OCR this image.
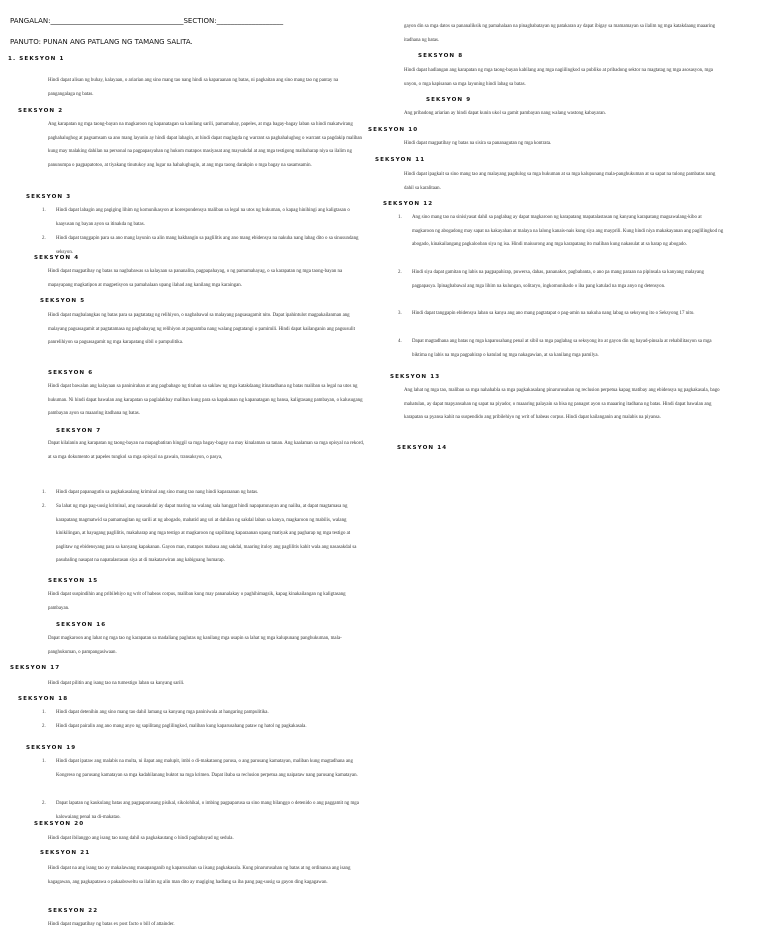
PANGALAN:______________________________________SECTION:___________________
PANUTO: PUNAN ANG PATLANG NG TAMANG SALITA.
1. SEKSYON 1
Hindi dapat alisan ng buhay, kalayaan, o ariarian ang sino mang tao nang hindi sa kaparaanan ng batas, ni pagkaitan ang sino mang tao ng pantay na pangangalaga ng batas.
SEKSYON 2
Ang karapatan ng mga taong-bayan na magkaroon ng kapanatagan sa kanilang sarili, pamamahay, papeles, at mga bagay-bagay laban sa hindi makatwirang paghahalughog at pagsamsam sa ano mang layunin ay hindi dapat labagin, at hindi dapat maglagda ng warrant sa paghahalughog o warrant sa pagdakip maliban kung may malaking dahilan na personal na pagpapasyahan ng hukom matapos masiyasat ang maysakdal at ang mga testigong maihaharap niya sa ilalim ng panunumpa o pagpapatotoo, at tiyakang tinutukoy ang lugar na hahalughugin, at ang mga taong darakpin o mga bagay na sasamsamin.
SEKSYON 3
1. Hindi dapat labagin ang pagiging lihim ng komunikasyon at korespondensya maliban sa legal na utos ng hukuman, o kapag hinihingi ang kaligtasan o kaayusan ng bayan ayon sa itinakda ng batas.
2. Hindi dapat tanggapin para sa ano mang layunin sa alin mang hakbangin sa paglilitis ang ano mang ebidensya na nakuha nang labag dito o sa sinusundang seksyon.
SEKSYON 4
Hindi dapat magpatibay ng batas na nagbabawas sa kalayaan sa pananalita, pagpapahayag, o ng pamamahayag, o sa karapatan ng mga taong-bayan na mapayapang magkatipon at magpetisyon sa pamahalaan upang ilahad ang kanilang mga karaingan.
SEKSYON 5
Hindi dapat magbalangkas ng batas para sa pagtatatag ng relihiyon, o nagbabawal sa malayang pagsasagamit nito. Dapat ipahintulot magpakailanman ang malayang pagsasagamit at pagtatamasa ng pagbabayag ng relihiyon at pagsamba nang walang pagtatangi o pamimili. Hindi dapat kailanganin ang pagsusulit panrelihiyon sa pagsasagamit ng mga karapatang sibil o pampulitika.
SEKSYON 6
Hindi dapat bawalan ang kalayaan sa paninirahan at ang pagbabago ng tirahan sa saklaw ng mga katakdaang itinatadhana ng batas maliban sa legal na utos ng hukuman. Ni hindi dapat bawalan ang karapatan sa paglalakbay maliban kung para sa kapakanan ng kapanatagan ng bansa, kaligtasang pambayan, o kalusugang pambayan ayon sa maaaring itadhana ng batas.
SEKSYON 7
Dapat kilalanin ang karapatan ng taong-bayan na mapagbatiran hinggil sa mga bagay-bagay na may kinalaman sa tanan. Ang kaalaman sa mga opisyal na rekord, at sa mga dokumento at papeles tungkol sa mga opisyal na gawain, transaksyon, o pasya,
1. Hindi dapat papanagutin sa pagkakasalang kriminal ang sino mang tao nang hindi kaparaanan ng batas.
2. Sa lahat ng mga pag-uusig kriminal, ang nasasakdal ay dapat maring na walang sala hanggat hindi napapatunayan ang naiiba, at dapat magtamasa ng karapatang magmatwid sa pamamagitan ng sarili at ng abogado, mabatid ang uri at dahilan ng sakdal laban sa kanya, magkaroon ng mabilis, walang kinikilingan, at hayagang paglilitis, makaharap ang mga testigo at magkaroon ng sapilitang kaparaanan upang matiyak ang pagharap ng mga testigo at paglitaw ng ebidensyang para sa kanyang kapakanan. Gayon man, matapos mabasa ang sakdal, maaring ituloy ang paglilitis kahit wala ang nasasakdal sa pasubaling nasapat na napatalastasan siya at di makatarwiran ang kabiguang humarap.
SEKSYON 15
Hindi dapat suspindihin ang pribilehiyo ng writ of habeas corpus, maliban kung may pananalakay o paghihimagsik, kapag kinakailangan ng kaligtasang pambayan.
SEKSYON 16
Dapat magkaroon ang lahat ng mga tao ng karapatan sa madaliang paglutas ng kanilang mga usapin sa lahat ng mga kalupunang panghukuman, mala-panghukuman, o pampangasiwaan.
SEKSYON 17
Hindi dapat pilitin ang isang tao na tumestigo laban sa kanyang sarili.
SEKSYON 18
1. Hindi dapat detenihin ang sino mang tao dahil lamang sa kanyang mga paniniwala at hangaring pampulitika.
2. Hindi dapat pairalin ang ano mang anyo ng sapilitang paglilingkod, maliban kung kaparusahang pataw ng hatol ng pagkakasala.
SEKSYON 19
1. Hindi dapat ipataw ang malabis na multa, ni ilapat ang malupit, imbi o di-makataong parusa, o ang parusang kamatayan, maliban kung magtadhana ang Kongreso ng parusang kamatayan sa mga kadahilanang buktot na mga krimen. Dapat ibaba sa reclusion perpetua ang naipataw nang parusang kamatayan.
2. Dapat lapatan ng kaukulang batas ang pagpaparusang pisikal, sikolohikal, o imbing pagpaparusa sa sino mang bilanggo o detenido o ang paggamit ng mga kalowaiang penal na di-makatao.
SEKSYON 20
Hindi dapat ibilanggo ang isang tao nang dahil sa pagkakautang o hindi pagbabayad ng sedula.
SEKSYON 21
Hindi dapat na ang isang tao ay makalawang masapanganib ng kaparusahan sa iisang pagkakasala. Kung pinarurusahan ng batas at ng ordinansa ang isang kagagawan, ang pagkapatawa o pakaabsweltu sa ilalim ng alin man dito ay magiging hadlang sa iba pang pag-uusig sa gayon ding kagagawan.
SEKSYON 22
Hindi dapat magpatibay ng batas ex post facto o bill of attainder.
gayon din sa mga datos sa pananaliksik ng pamahalaan na pinagbabatayan ng patakaran ay dapat ibigay sa mamamayan sa ilalim ng mga katakdaang maaaring itadhana ng batas.
SEKSYON 8
Hindi dapat hadlangan ang karapatan ng mga taong-bayan kabilang ang mga nagiilingkod sa publiko at pribadong sektor na magtatag ng mga asosasyon, mga unyon, o mga kapisanan sa mga layuning hindi labag sa batas.
SEKSYON 9
Ang pribadong ariarian ay hindi dapat kunin ukol sa gamit pambayan nang walang wastong kabayaran.
SEKSYON 10
Hindi dapat magpatibay ng batas na sisira sa pananagutan ng mga kontrata.
SEKSYON 11
Hindi dapat ipagkait sa sino mang tao ang malayang pagdulog sa mga hukuman at sa mga kalupunang mala-panghukuman at sa sapat na tulong pambatas nang dahil sa karalitaan.
SEKSYON 12
1. Ang sino mang tao na sinisiyasat dahil sa paglabag ay dapat magkaroon ng karapatang mapatalastasan ng kanyang karapatang magsawalang-kibo at magkaroon ng abogadong may sapat na kakayahan at malaya na lalong kanais-nais kung siya ang mayprili. Kung hindi niya makakayanan ang paglilingkod ng abogado, kinakailangang pagkalooban siya ng isa. Hindi maiuurong ang mga karapatang ito maliban kung nakasulat at sa harap ng abogado.
2. Hindi siya dapat gamitan ng labis na pagpapahirap, puwersa, dahas, pananakot, pagbabanta, o ano pa mang paraan na pipinsala sa kanyang malayang pagpapasya. Ipinagbabawal ang mga lihim na kulungan, solitaryo, ingkomunikado o iba pang katulad na mga anyo ng detensyon.
3. Hindi dapat tanggapin ebidensya laban sa kanya ang ano mang pagtatapat o pag-amin na nakuha nang labag sa seksyong ito o Seksyong 17 nito.
4. Dapat magtadhana ang batas ng mga kaparusahang penal at sibil sa mga paglabag sa seksyong ito at gayon din ng bayad-pinsala at rehabilitasyon sa mga biktima ng labis na mga pagpahirap o katulad ng mga nakagawian, at sa kanilang mga pamilya.
SEKSYON 13
Ang lahat ng mga tao, maliban sa mga nahahabla sa mga pagkakasalang pinarurusahan ng reclusion perpetua kapag matibay ang ebidensya ng pagkakasala, bago mahatulan, ay dapat mapyansahan ng sapat na piyador, o maaaring palayain sa bisa ng panagot ayon sa maaaring itadhana ng batas. Hindi dapat bawalan ang karapatan sa pyansa kahit na suspendido ang pribilehiyo ng writ of habeas corpus. Hindi dapat kailanganin ang malabis na piyansa.
SEKSYON 14
